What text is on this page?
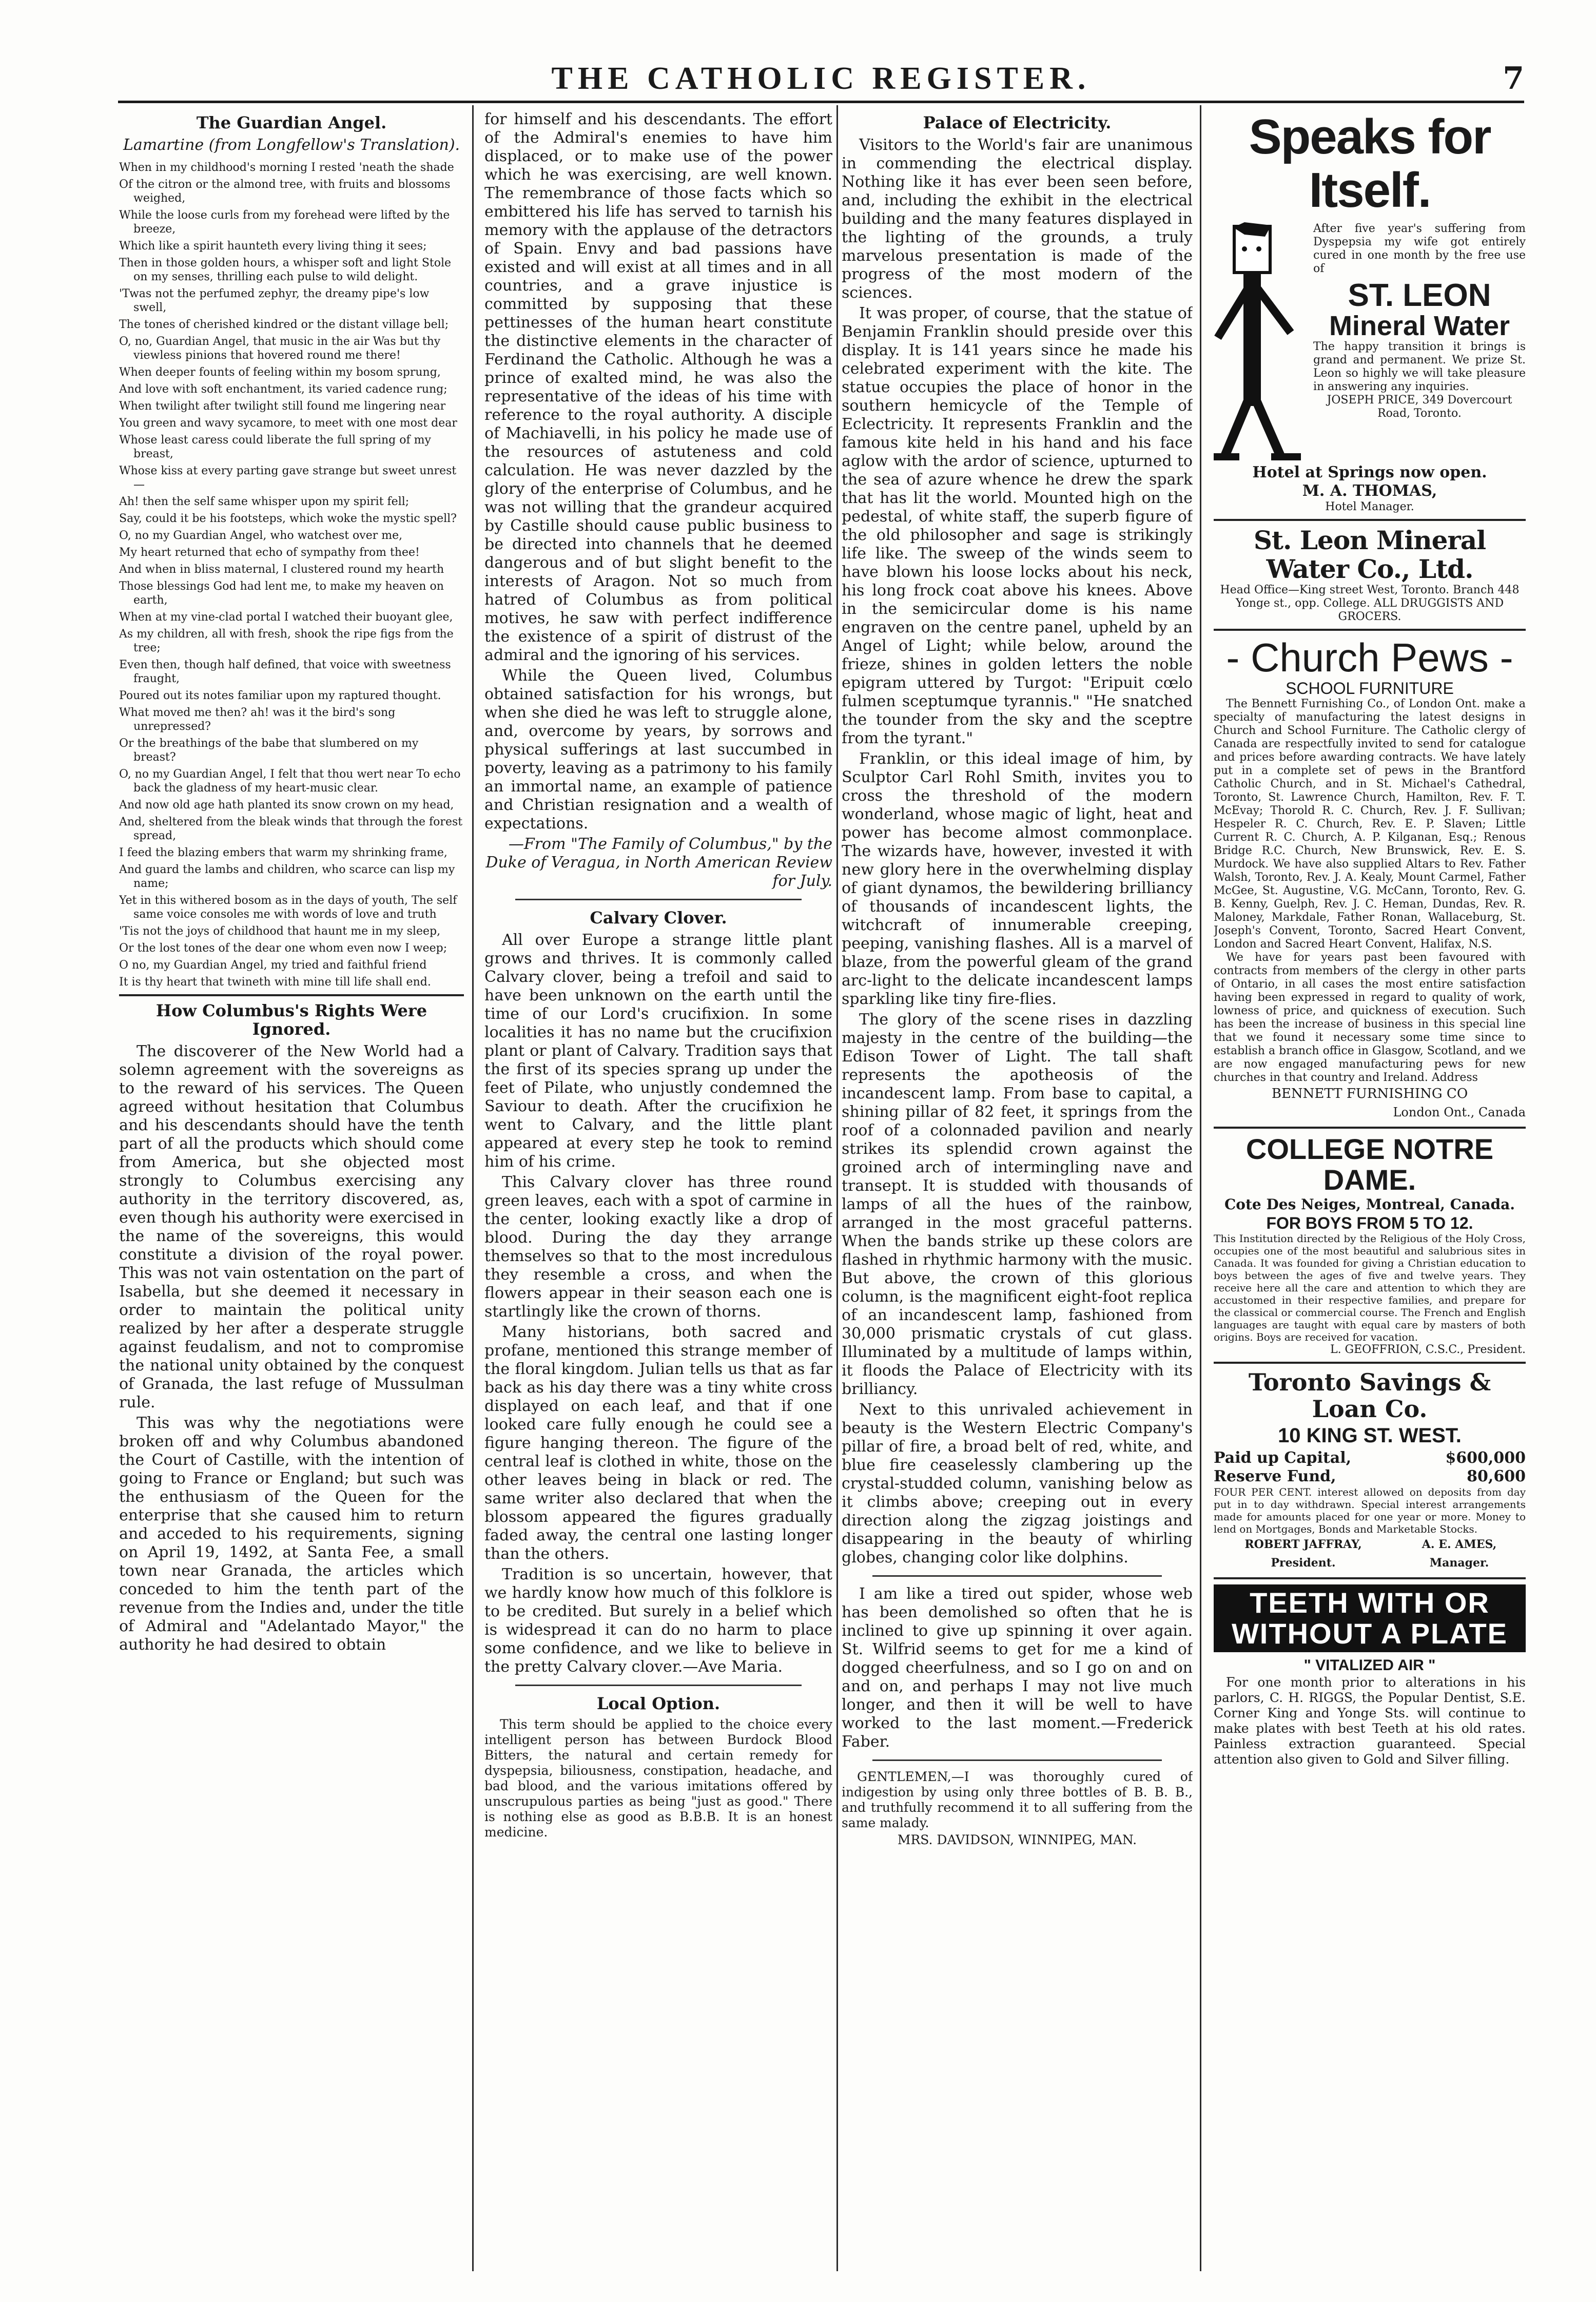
THE CATHOLIC REGISTER.	7
The Guardian Angel.
Lamartine (from Longfellow's Translation).

When in my childhood's morning I rested 'neath the shade

Of the citron or the almond tree, with fruits and blossoms weighed,

While the loose curls from my forehead were lifted by the breeze,

Which like a spirit haunteth every living thing it sees;

Then in those golden hours, a whisper soft and light Stole on my senses, thrilling each pulse to wild delight.

'Twas not the perfumed zephyr, the dreamy pipe's low swell,

The tones of cherished kindred or the distant village bell;

O, no, Guardian Angel, that music in the air Was but thy viewless pinions that hovered round me there!

When deeper founts of feeling within my bosom sprung,

And love with soft enchantment, its varied cadence rung;

When twilight after twilight still found me lingering near

You green and wavy sycamore, to meet with one most dear

Whose least caress could liberate the full spring of my breast,

Whose kiss at every parting gave strange but sweet unrest—

Ah! then the self same whisper upon my spirit fell;

Say, could it be his footsteps, which woke the mystic spell?

O, no my Guardian Angel, who watchest over me,

My heart returned that echo of sympathy from thee!

And when in bliss maternal, I clustered round my hearth

Those blessings God had lent me, to make my heaven on earth,

When at my vine-clad portal I watched their buoyant glee,

As my children, all with fresh, shook the ripe figs from the tree;

Even then, though half defined, that voice with sweetness fraught,

Poured out its notes familiar upon my raptured thought.

What moved me then? ah! was it the bird's song unrepressed?

Or the breathings of the babe that slumbered on my breast?

O, no my Guardian Angel, I felt that thou wert near To echo back the gladness of my heart-music clear.

And now old age hath planted its snow crown on my head,

And, sheltered from the bleak winds that through the forest spread,

I feed the blazing embers that warm my shrinking frame,

And guard the lambs and children, who scarce can lisp my name;

Yet in this withered bosom as in the days of youth, The self same voice consoles me with words of love and truth

'Tis not the joys of childhood that haunt me in my sleep,

Or the lost tones of the dear one whom even now I weep;

O no, my Guardian Angel, my tried and faithful friend

It is thy heart that twineth with mine till life shall end.

How Columbus's Rights Were Ignored.

The discoverer of the New World had a solemn agreement with the sovereigns as to the reward of his services. The Queen agreed without hesitation that Columbus and his descendants should have the tenth part of all the products which should come from America, but she objected most strongly to Columbus exercising any authority in the territory discovered, as, even though his authority were exercised in the name of the sovereigns, this would constitute a division of the royal power. This was not vain ostentation on the part of Isabella, but she deemed it necessary in order to maintain the political unity realized by her after a desperate struggle against feudalism, and not to compromise the national unity obtained by the conquest of Granada, the last refuge of Mussulman rule.

This was why the negotiations were broken off and why Columbus abandoned the Court of Castille, with the intention of going to France or England; but such was the enthusiasm of the Queen for the enterprise that she caused him to return and acceded to his requirements, signing on April 19, 1492, at Santa Fee, a small town near Granada, the articles which conceded to him the tenth part of the revenue from the Indies and, under the title of Admiral and "Adelantado Mayor," the authority he had desired to obtain

for himself and his descendants. The effort of the Admiral's enemies to have him displaced, or to make use of the power which he was exercising, are well known. The remembrance of those facts which so embittered his life has served to tarnish his memory with the applause of the detractors of Spain. Envy and bad passions have existed and will exist at all times and in all countries, and a grave injustice is committed by supposing that these pettinesses of the human heart constitute the distinctive elements in the character of Ferdinand the Catholic. Although he was a prince of exalted mind, he was also the representative of the ideas of his time with reference to the royal authority. A disciple of Machiavelli, in his policy he made use of the resources of astuteness and cold calculation. He was never dazzled by the glory of the enterprise of Columbus, and he was not willing that the grandeur acquired by Castille should cause public business to be directed into channels that he deemed dangerous and of but slight benefit to the interests of Aragon. Not so much from hatred of Columbus as from political motives, he saw with perfect indifference the existence of a spirit of distrust of the admiral and the ignoring of his services.

While the Queen lived, Columbus obtained satisfaction for his wrongs, but when she died he was left to struggle alone, and, overcome by years, by sorrows and physical sufferings at last succumbed in poverty, leaving as a patrimony to his family an immortal name, an example of patience and Christian resignation and a wealth of expectations.

—From "The Family of Columbus," by the Duke of Veragua, in North American Review for July.

Calvary Clover.

All over Europe a strange little plant grows and thrives. It is commonly called Calvary clover, being a trefoil and said to have been unknown on the earth until the time of our Lord's crucifixion. In some localities it has no name but the crucifixion plant or plant of Calvary. Tradition says that the first of its species sprang up under the feet of Pilate, who unjustly condemned the Saviour to death. After the crucifixion he went to Calvary, and the little plant appeared at every step he took to remind him of his crime.

This Calvary clover has three round green leaves, each with a spot of carmine in the center, looking exactly like a drop of blood. During the day they arrange themselves so that to the most incredulous they resemble a cross, and when the flowers appear in their season each one is startlingly like the crown of thorns.

Many historians, both sacred and profane, mentioned this strange member of the floral kingdom. Julian tells us that as far back as his day there was a tiny white cross displayed on each leaf, and that if one looked care fully enough he could see a figure hanging thereon. The figure of the central leaf is clothed in white, those on the other leaves being in black or red. The same writer also declared that when the blossom appeared the figures gradually faded away, the central one lasting longer than the others.

Tradition is so uncertain, however, that we hardly know how much of this folklore is to be credited. But surely in a belief which is widespread it can do no harm to place some confidence, and we like to believe in the pretty Calvary clover.—Ave Maria.

Local Option.
This term should be applied to the choice every intelligent person has between Burdock Blood Bitters, the natural and certain remedy for dyspepsia, biliousness, constipation, headache, and bad blood, and the various imitations offered by unscrupulous parties as being "just as good." There is nothing else as good as B.B.B. It is an honest medicine.
Palace of Electricity.

Visitors to the World's fair are unanimous in commending the electrical display. Nothing like it has ever been seen before, and, including the exhibit in the electrical building and the many features displayed in the lighting of the grounds, a truly marvelous presentation is made of the progress of the most modern of the sciences.

It was proper, of course, that the statue of Benjamin Franklin should preside over this display. It is 141 years since he made his celebrated experiment with the kite. The statue occupies the place of honor in the southern hemicycle of the Temple of Eclectricity. It represents Franklin and the famous kite held in his hand and his face aglow with the ardor of science, upturned to the sea of azure whence he drew the spark that has lit the world. Mounted high on the pedestal, of white staff, the superb figure of the old philosopher and sage is strikingly life like. The sweep of the winds seem to have blown his loose locks about his neck, his long frock coat above his knees. Above in the semicircular dome is his name engraven on the centre panel, upheld by an Angel of Light; while below, around the frieze, shines in golden letters the noble epigram uttered by Turgot: "Eripuit cœlo fulmen sceptumque tyrannis." "He snatched the tounder from the sky and the sceptre from the tyrant."

Franklin, or this ideal image of him, by Sculptor Carl Rohl Smith, invites you to cross the threshold of the modern wonderland, whose magic of light, heat and power has become almost commonplace. The wizards have, however, invested it with new glory here in the overwhelming display of giant dynamos, the bewildering brilliancy of thousands of incandescent lights, the witchcraft of innumerable creeping, peeping, vanishing flashes. All is a marvel of blaze, from the powerful gleam of the grand arc-light to the delicate incandescent lamps sparkling like tiny fire-flies.

The glory of the scene rises in dazzling majesty in the centre of the building—the Edison Tower of Light. The tall shaft represents the apotheosis of the incandescent lamp. From base to capital, a shining pillar of 82 feet, it springs from the roof of a colonnaded pavilion and nearly strikes its splendid crown against the groined arch of intermingling nave and transept. It is studded with thousands of lamps of all the hues of the rainbow, arranged in the most graceful patterns. When the bands strike up these colors are flashed in rhythmic harmony with the music. But above, the crown of this glorious column, is the magnificent eight-foot replica of an incandescent lamp, fashioned from 30,000 prismatic crystals of cut glass. Illuminated by a multitude of lamps within, it floods the Palace of Electricity with its brilliancy.

Next to this unrivaled achievement in beauty is the Western Electric Company's pillar of fire, a broad belt of red, white, and blue fire ceaselessly clambering up the crystal-studded column, vanishing below as it climbs above; creeping out in every direction along the zigzag joistings and disappearing in the beauty of whirling globes, changing color like dolphins.

I am like a tired out spider, whose web has been demolished so often that he is inclined to give up spinning it over again. St. Wilfrid seems to get for me a kind of dogged cheerfulness, and so I go on and on and on, and perhaps I may not live much longer, and then it will be well to have worked to the last moment.—Frederick Faber.

GENTLEMEN,—I was thoroughly cured of indigestion by using only three bottles of B. B. B., and truthfully recommend it to all suffering from the same malady.
MRS. DAVIDSON, WINNIPEG, MAN.
Speaks for Itself.
After five year's suffering from Dyspepsia my wife got entirely cured in one month by the free use of
ST. LEON
Mineral Water
The happy transition it brings is grand and permanent. We prize St. Leon so highly we will take pleasure in answering any inquiries.
JOSEPH PRICE, 349 Dovercourt Road, Toronto.
Hotel at Springs now open.
M. A. THOMAS,
Hotel Manager.
St. Leon Mineral Water Co., Ltd.
Head Office—King street West, Toronto. Branch 448 Yonge st., opp. College. ALL DRUGGISTS AND GROCERS.
- Church Pews -
SCHOOL FURNITURE
The Bennett Furnishing Co., of London Ont. make a specialty of manufacturing the latest designs in Church and School Furniture. The Catholic clergy of Canada are respectfully invited to send for catalogue and prices before awarding contracts. We have lately put in a complete set of pews in the Brantford Catholic Church, and in St. Michael's Cathedral, Toronto, St. Lawrence Church, Hamilton, Rev. F. T. McEvay; Thorold R. C. Church, Rev. J. F. Sullivan; Hespeler R. C. Church, Rev. E. P. Slaven; Little Current R. C. Church, A. P. Kilganan, Esq.; Renous Bridge R.C. Church, New Brunswick, Rev. E. S. Murdock. We have also supplied Altars to Rev. Father Walsh, Toronto, Rev. J. A. Kealy, Mount Carmel, Father McGee, St. Augustine, V.G. McCann, Toronto, Rev. G. B. Kenny, Guelph, Rev. J. C. Heman, Dundas, Rev. R. Maloney, Markdale, Father Ronan, Wallaceburg, St. Joseph's Convent, Toronto, Sacred Heart Convent, London and Sacred Heart Convent, Halifax, N.S.
We have for years past been favoured with contracts from members of the clergy in other parts of Ontario, in all cases the most entire satisfaction having been expressed in regard to quality of work, lowness of price, and quickness of execution. Such has been the increase of business in this special line that we found it necessary some time since to establish a branch office in Glasgow, Scotland, and we are now engaged manufacturing pews for new churches in that country and Ireland. Address
BENNETT FURNISHING CO
London Ont., Canada
COLLEGE NOTRE DAME.
Cote Des Neiges, Montreal, Canada.
FOR BOYS FROM 5 TO 12.
This Institution directed by the Religious of the Holy Cross, occupies one of the most beautiful and salubrious sites in Canada. It was founded for giving a Christian education to boys between the ages of five and twelve years. They receive here all the care and attention to which they are accustomed in their respective families, and prepare for the classical or commercial course. The French and English languages are taught with equal care by masters of both origins. Boys are received for vacation.
L. GEOFFRION, C.S.C., President.
Toronto Savings & Loan Co.
10 KING ST. WEST.
Paid up Capital,	$600,000
Reserve Fund,	80,600
FOUR PER CENT. interest allowed on deposits from day put in to day withdrawn. Special interest arrangements made for amounts placed for one year or more. Money to lend on Mortgages, Bonds and Marketable Stocks.
ROBERT JAFFRAY, President.
A. E. AMES, Manager.
TEETH WITH OR
WITHOUT A PLATE
" VITALIZED AIR "
For one month prior to alterations in his parlors, C. H. RIGGS, the Popular Dentist, S.E. Corner King and Yonge Sts. will continue to make plates with best Teeth at his old rates. Painless extraction guaranteed. Special attention also given to Gold and Silver filling.
